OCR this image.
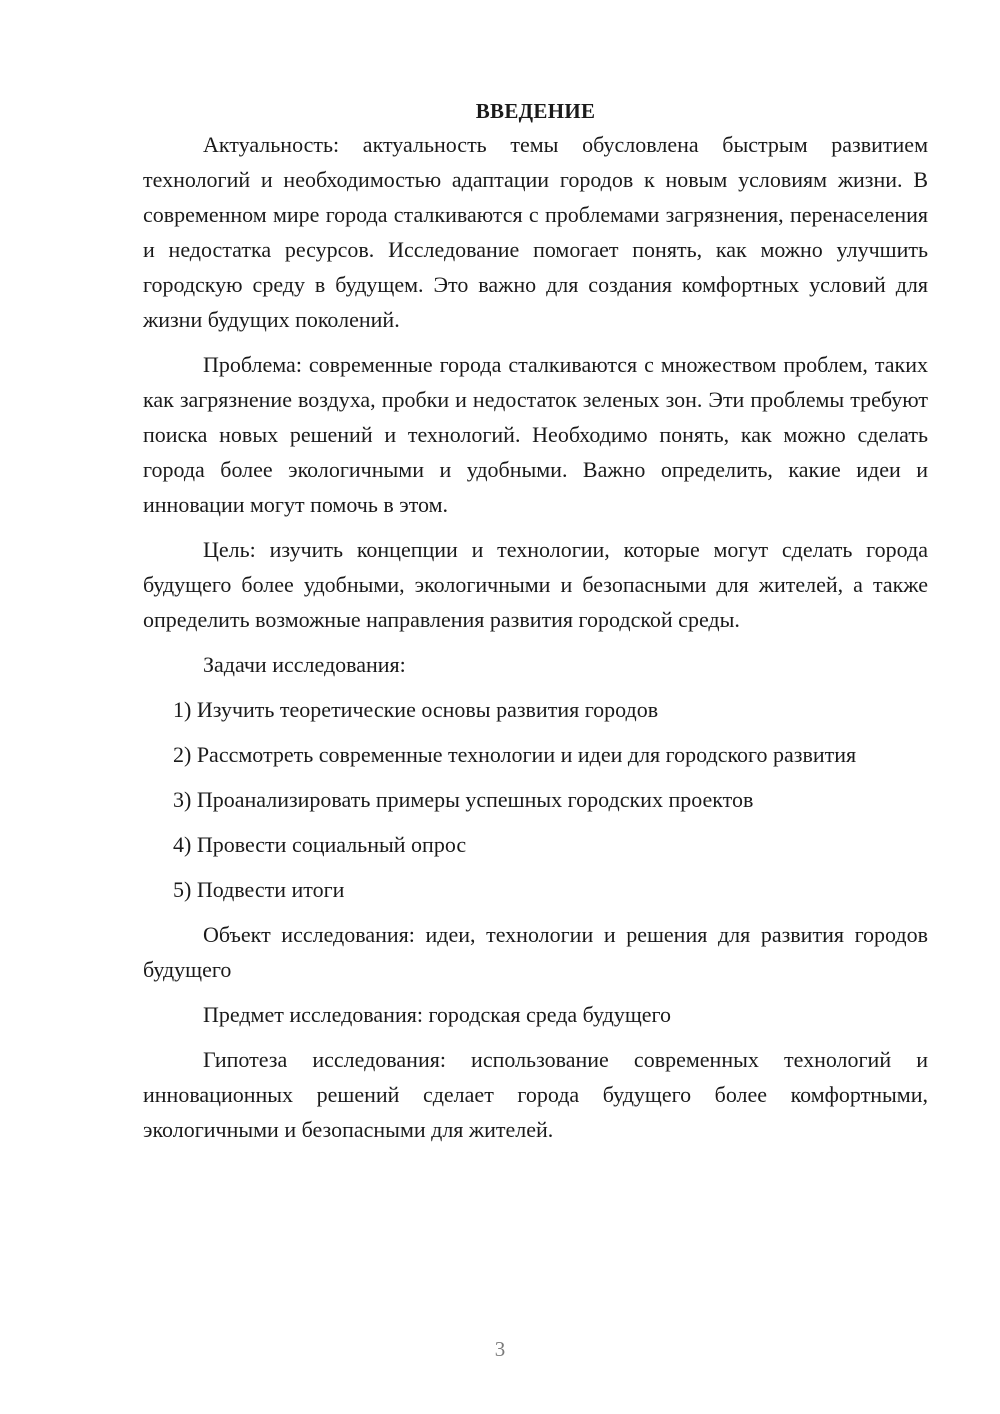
ВВЕДЕНИЕ

Актуальность: актуальность темы обусловлена быстрым развитием технологий и необходимостью адаптации городов к новым условиям жизни. В современном мире города сталкиваются с проблемами загрязнения, перенаселения и недостатка ресурсов. Исследование помогает понять, как можно улучшить городскую среду в будущем. Это важно для создания комфортных условий для жизни будущих поколений.

Проблема: современные города сталкиваются с множеством проблем, таких как загрязнение воздуха, пробки и недостаток зеленых зон. Эти проблемы требуют поиска новых решений и технологий. Необходимо понять, как можно сделать города более экологичными и удобными. Важно определить, какие идеи и инновации могут помочь в этом.

Цель: изучить концепции и технологии, которые могут сделать города будущего более удобными, экологичными и безопасными для жителей, а также определить возможные направления развития городской среды.

Задачи исследования:

1) Изучить теоретические основы развития городов

2) Рассмотреть современные технологии и идеи для городского развития

3) Проанализировать примеры успешных городских проектов

4) Провести социальный опрос

5) Подвести итоги

Объект исследования: идеи, технологии и решения для развития городов будущего

Предмет исследования: городская среда будущего

Гипотеза исследования: использование современных технологий и инновационных решений сделает города будущего более комфортными, экологичными и безопасными для жителей.

3
